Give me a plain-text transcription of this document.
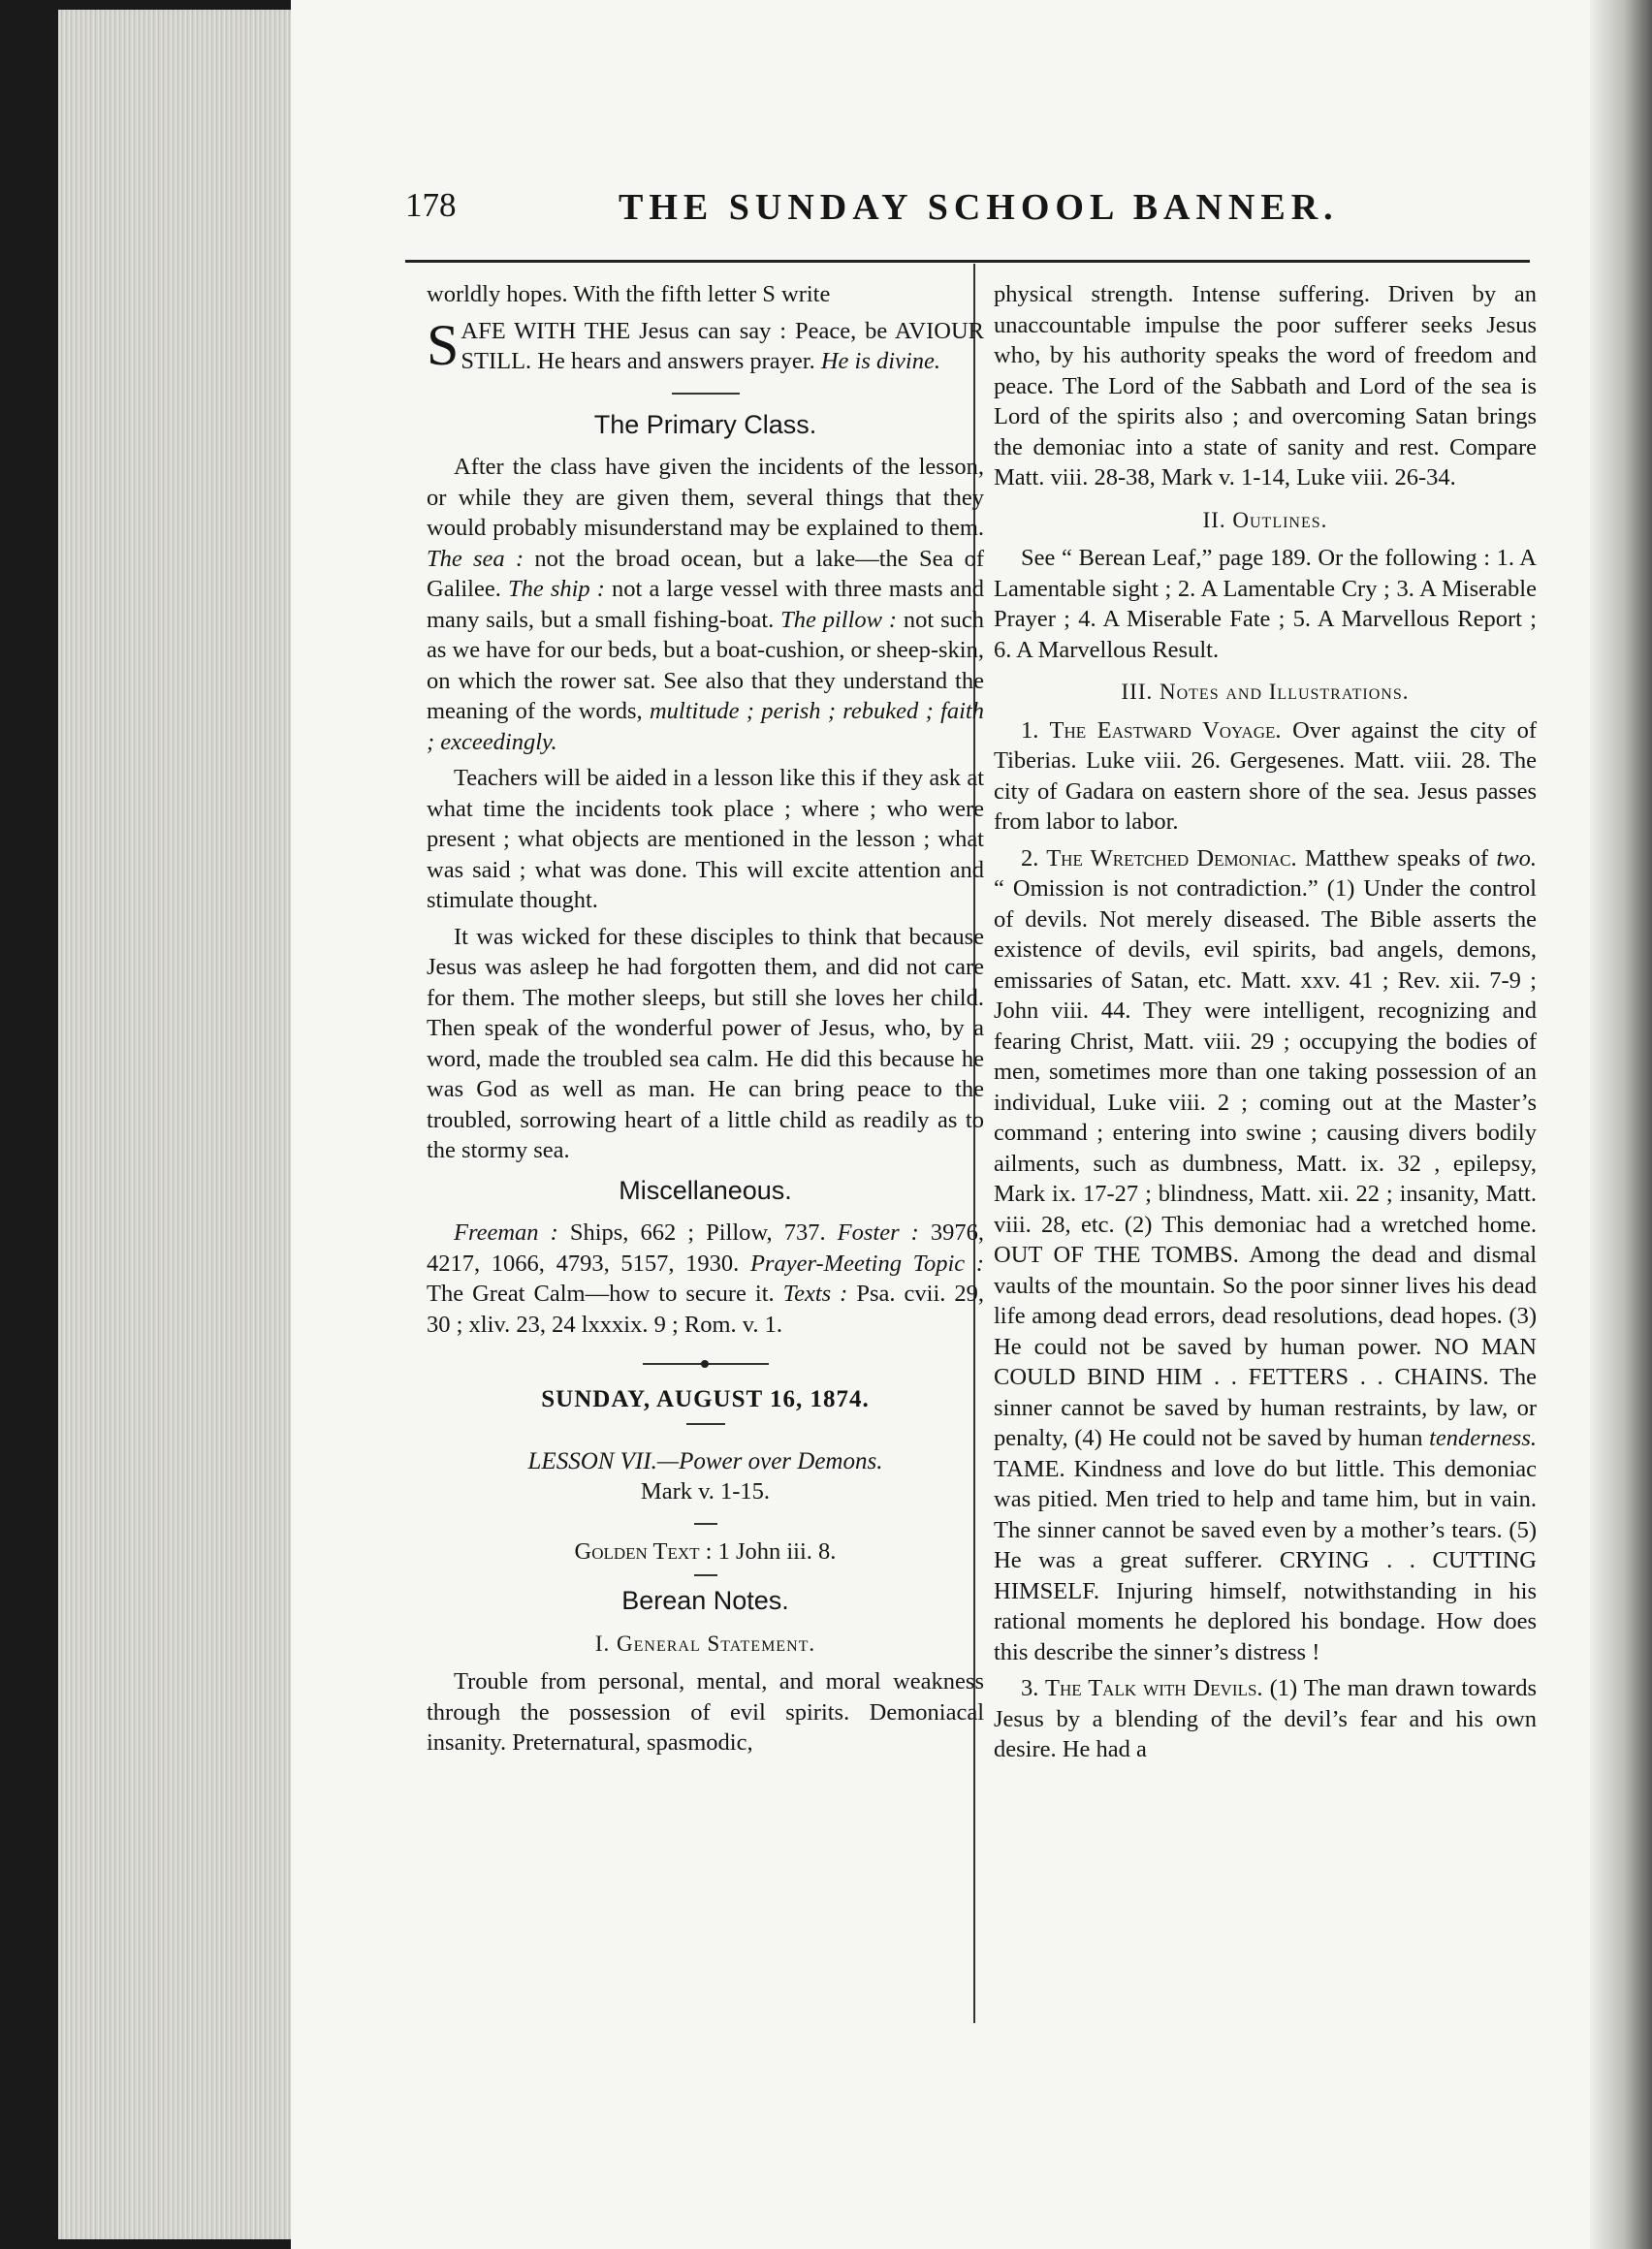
178	THE SUNDAY SCHOOL BANNER.

worldly hopes. With the fifth letter S write

S AFE WITH THE Jesus can say : Peace, be AVIOUR STILL. He hears and answers prayer. He is divine.

The Primary Class.

After the class have given the incidents of the lesson, or while they are given them, several things that they would probably misunderstand may be explained to them. The sea : not the broad ocean, but a lake—the Sea of Galilee. The ship : not a large vessel with three masts and many sails, but a small fishing-boat. The pillow : not such as we have for our beds, but a boat-cushion, or sheep-skin, on which the rower sat. See also that they understand the meaning of the words, multitude ; perish ; rebuked ; faith ; exceedingly.

Teachers will be aided in a lesson like this if they ask at what time the incidents took place ; where ; who were present ; what objects are mentioned in the lesson ; what was said ; what was done. This will excite attention and stimulate thought.

It was wicked for these disciples to think that because Jesus was asleep he had forgotten them, and did not care for them. The mother sleeps, but still she loves her child. Then speak of the wonderful power of Jesus, who, by a word, made the troubled sea calm. He did this because he was God as well as man. He can bring peace to the troubled, sorrowing heart of a little child as readily as to the stormy sea.

Miscellaneous.

Freeman : Ships, 662 ; Pillow, 737. Foster : 3976, 4217, 1066, 4793, 5157, 1930. Prayer-Meeting Topic : The Great Calm—how to secure it. Texts : Psa. cvii. 29, 30 ; xliv. 23, 24 lxxxix. 9 ; Rom. v. 1.

SUNDAY, AUGUST 16, 1874.

LESSON VII.—Power over Demons.

Mark v. 1-15.

Golden Text : 1 John iii. 8.

Berean Notes.
I. General Statement.

Trouble from personal, mental, and moral weakness through the possession of evil spirits. Demoniacal insanity. Preternatural, spasmodic,

physical strength. Intense suffering. Driven by an unaccountable impulse the poor sufferer seeks Jesus who, by his authority speaks the word of freedom and peace. The Lord of the Sabbath and Lord of the sea is Lord of the spirits also ; and overcoming Satan brings the demoniac into a state of sanity and rest. Compare Matt. viii. 28-38, Mark v. 1-14, Luke viii. 26-34.

II. Outlines.

See “ Berean Leaf,” page 189. Or the following : 1. A Lamentable sight ; 2. A Lamentable Cry ; 3. A Miserable Prayer ; 4. A Miserable Fate ; 5. A Marvellous Report ; 6. A Marvellous Result.

III. Notes and Illustrations.

1. The Eastward Voyage. Over against the city of Tiberias. Luke viii. 26. Gergesenes. Matt. viii. 28. The city of Gadara on eastern shore of the sea. Jesus passes from labor to labor.

2. The Wretched Demoniac. Matthew speaks of two. “ Omission is not contradiction.” (1) Under the control of devils. Not merely diseased. The Bible asserts the existence of devils, evil spirits, bad angels, demons, emissaries of Satan, etc. Matt. xxv. 41 ; Rev. xii. 7-9 ; John viii. 44. They were intelligent, recognizing and fearing Christ, Matt. viii. 29 ; occupying the bodies of men, sometimes more than one taking possession of an individual, Luke viii. 2 ; coming out at the Master’s command ; entering into swine ; causing divers bodily ailments, such as dumbness, Matt. ix. 32 , epilepsy, Mark ix. 17-27 ; blindness, Matt. xii. 22 ; insanity, Matt. viii. 28, etc. (2) This demoniac had a wretched home. OUT OF THE TOMBS. Among the dead and dismal vaults of the mountain. So the poor sinner lives his dead life among dead errors, dead resolutions, dead hopes. (3) He could not be saved by human power. NO MAN COULD BIND HIM . . FETTERS . . CHAINS. The sinner cannot be saved by human restraints, by law, or penalty, (4) He could not be saved by human tenderness. TAME. Kindness and love do but little. This demoniac was pitied. Men tried to help and tame him, but in vain. The sinner cannot be saved even by a mother’s tears. (5) He was a great sufferer. CRYING . . CUTTING HIMSELF. Injuring himself, notwithstanding in his rational moments he deplored his bondage. How does this describe the sinner’s distress !

3. The Talk with Devils. (1) The man drawn towards Jesus by a blending of the devil’s fear and his own desire. He had a
